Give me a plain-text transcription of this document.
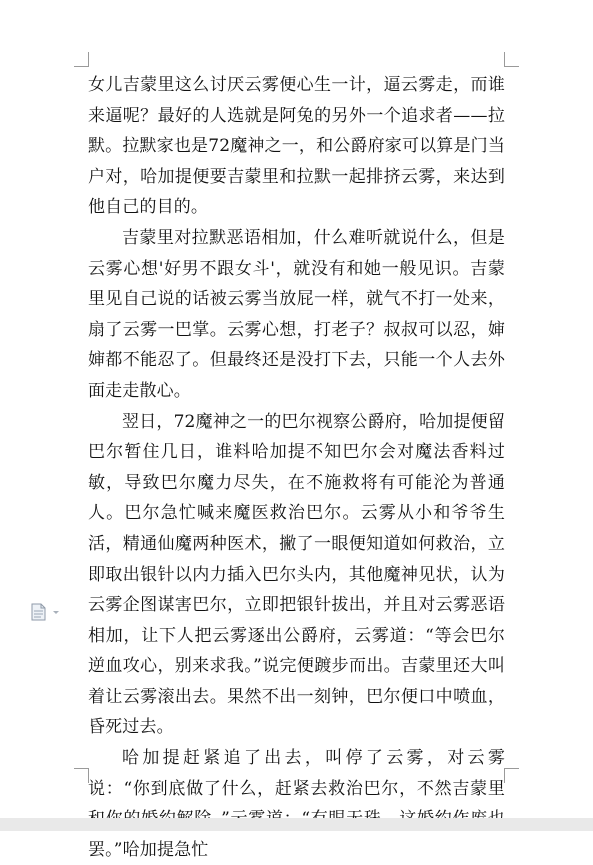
女儿吉蒙里这么讨厌云雾便心生一计，逼云雾走，而谁来逼呢？最好的人选就是阿兔的另外一个追求者——拉默。拉默家也是72魔神之一，和公爵府家可以算是门当户对，哈加提便要吉蒙里和拉默一起排挤云雾，来达到他自己的目的。

吉蒙里对拉默恶语相加，什么难听就说什么，但是云雾心想'好男不跟女斗'，就没有和她一般见识。吉蒙里见自己说的话被云雾当放屁一样，就气不打一处来，扇了云雾一巴掌。云雾心想，打老子？叔叔可以忍，婶婶都不能忍了。但最终还是没打下去，只能一个人去外面走走散心。

翌日，72魔神之一的巴尔视察公爵府，哈加提便留巴尔暂住几日，谁料哈加提不知巴尔会对魔法香料过敏，导致巴尔魔力尽失，在不施救将有可能沦为普通人。巴尔急忙喊来魔医救治巴尔。云雾从小和爷爷生活，精通仙魔两种医术，撇了一眼便知道如何救治，立即取出银针以内力插入巴尔头内，其他魔神见状，认为云雾企图谋害巴尔，立即把银针拔出，并且对云雾恶语相加，让下人把云雾逐出公爵府，云雾道：“等会巴尔逆血攻心，别来求我。”说完便踱步而出。吉蒙里还大叫着让云雾滚出去。果然不出一刻钟，巴尔便口中喷血，昏死过去。

哈加提赶紧追了出去，叫停了云雾，对云雾说：“你到底做了什么，赶紧去救治巴尔，不然吉蒙里 罢。”哈加提急忙
